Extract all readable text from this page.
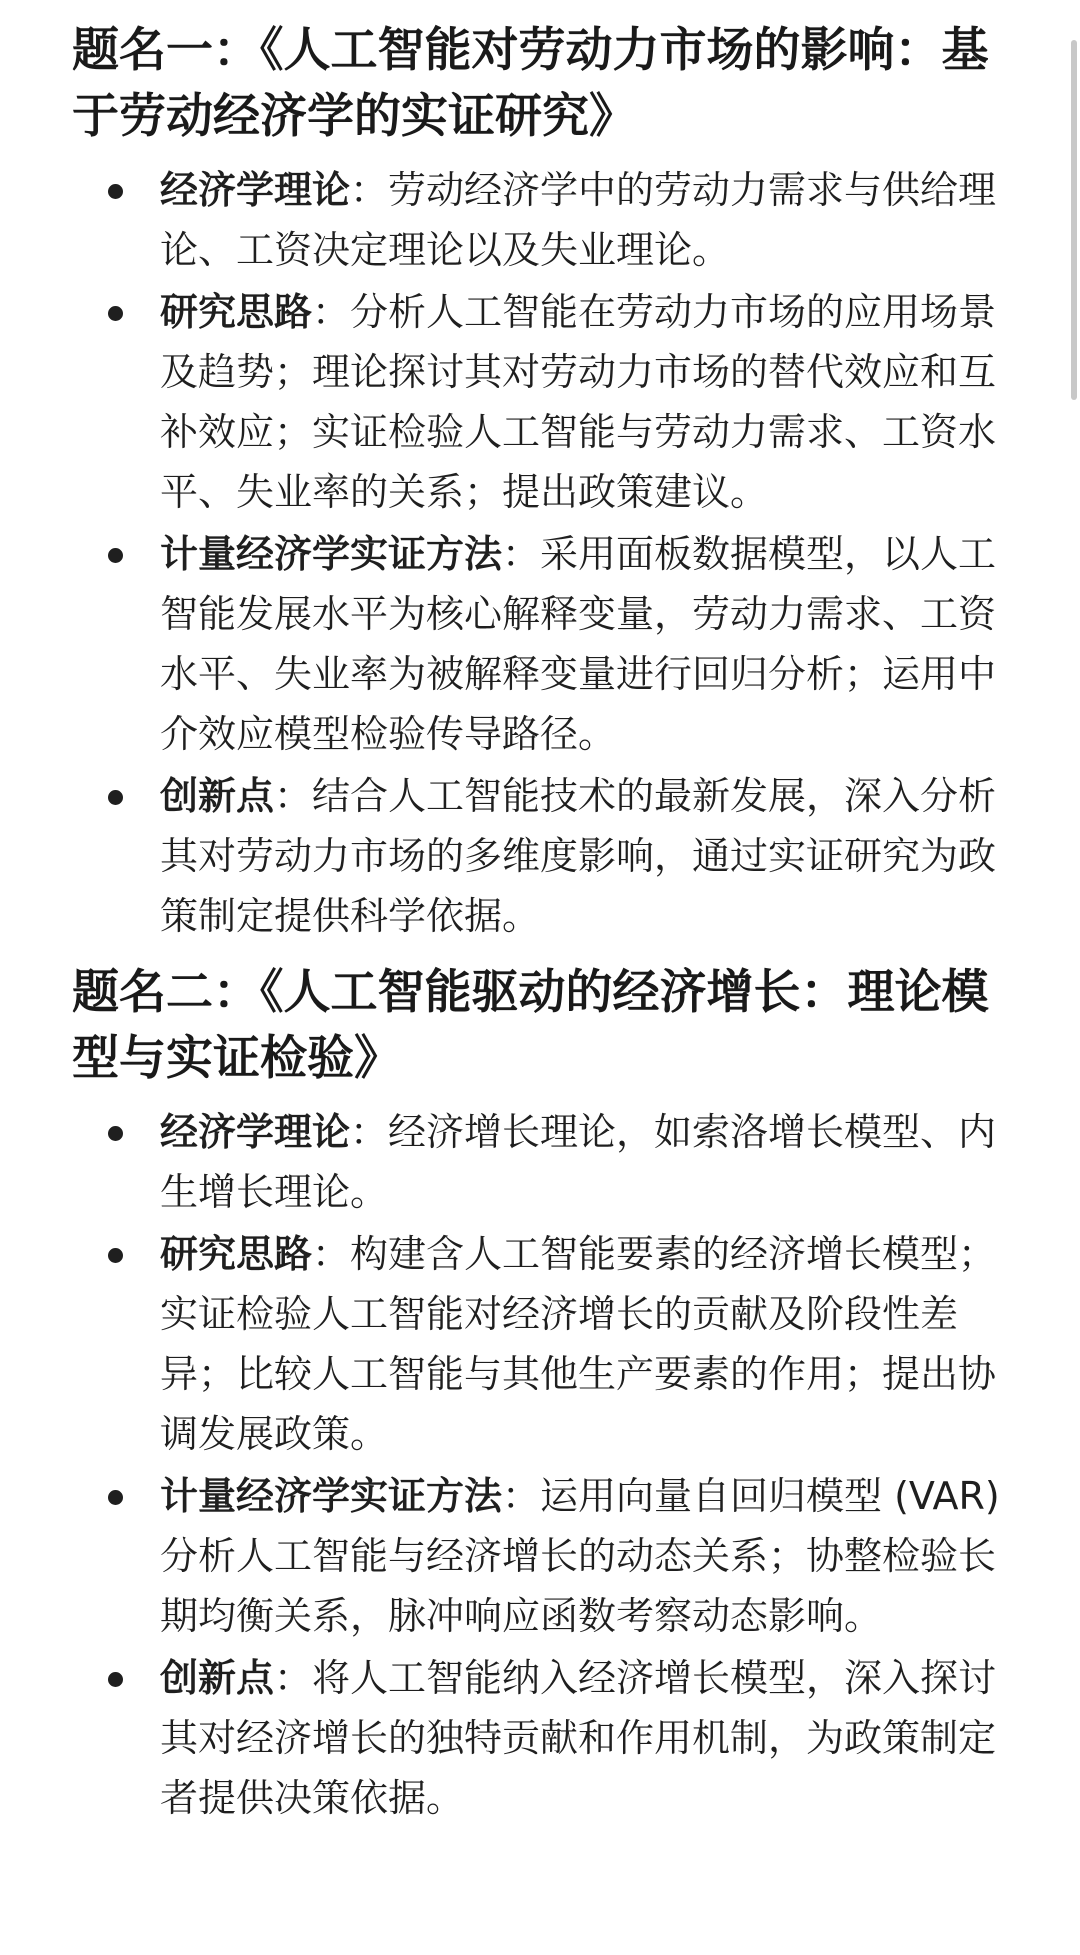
题名一：《人工智能对劳动力市场的影响：基于劳动经济学的实证研究》
经济学理论：劳动经济学中的劳动力需求与供给理论、工资决定理论以及失业理论。
研究思路：分析人工智能在劳动力市场的应用场景及趋势；理论探讨其对劳动力市场的替代效应和互补效应；实证检验人工智能与劳动力需求、工资水平、失业率的关系；提出政策建议。
计量经济学实证方法：采用面板数据模型，以人工智能发展水平为核心解释变量，劳动力需求、工资水平、失业率为被解释变量进行回归分析；运用中介效应模型检验传导路径。
创新点：结合人工智能技术的最新发展，深入分析其对劳动力市场的多维度影响，通过实证研究为政策制定提供科学依据。
题名二：《人工智能驱动的经济增长：理论模型与实证检验》
经济学理论：经济增长理论，如索洛增长模型、内生增长理论。
研究思路：构建含人工智能要素的经济增长模型；实证检验人工智能对经济增长的贡献及阶段性差异；比较人工智能与其他生产要素的作用；提出协调发展政策。
计量经济学实证方法：运用向量自回归模型 (VAR) 分析人工智能与经济增长的动态关系；协整检验长期均衡关系，脉冲响应函数考察动态影响。
创新点：将人工智能纳入经济增长模型，深入探讨其对经济增长的独特贡献和作用机制，为政策制定者提供决策依据。
